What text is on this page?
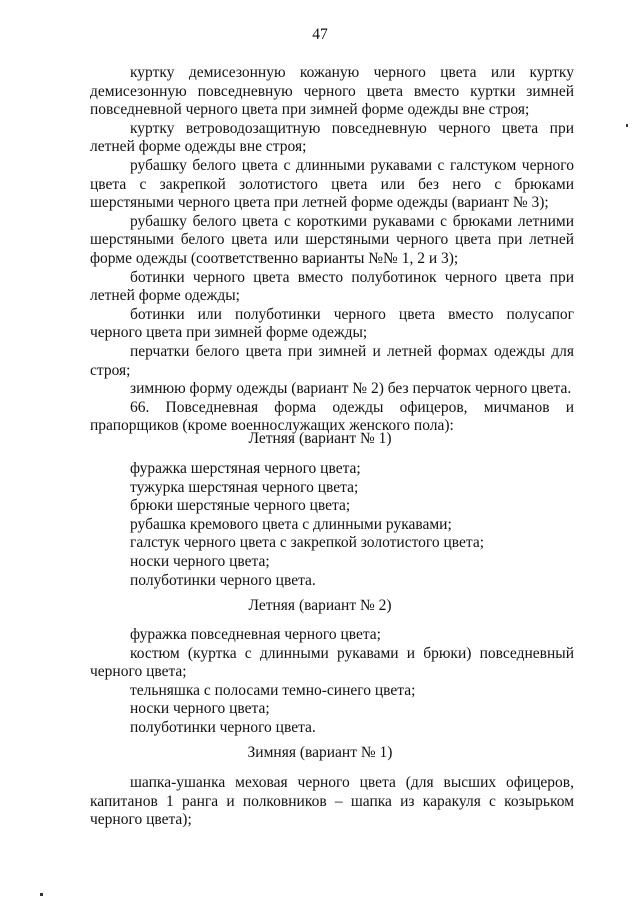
47

куртку демисезонную кожаную черного цвета или куртку демисезонную повседневную черного цвета вместо куртки зимней повседневной черного цвета при зимней форме одежды вне строя;

куртку ветроводозащитную повседневную черного цвета при летней форме одежды вне строя;

рубашку белого цвета с длинными рукавами с галстуком черного цвета с закрепкой золотистого цвета или без него с брюками шерстяными черного цвета при летней форме одежды (вариант № 3);

рубашку белого цвета с короткими рукавами с брюками летними шерстяными белого цвета или шерстяными черного цвета при летней форме одежды (соответственно варианты №№ 1, 2 и 3);

ботинки черного цвета вместо полуботинок черного цвета при летней форме одежды;

ботинки или полуботинки черного цвета вместо полусапог черного цвета при зимней форме одежды;

перчатки белого цвета при зимней и летней формах одежды для строя;

зимнюю форму одежды (вариант № 2) без перчаток черного цвета.

66. Повседневная форма одежды офицеров, мичманов и прапорщиков (кроме военнослужащих женского пола):

Летняя (вариант № 1)

фуражка шерстяная черного цвета;

тужурка шерстяная черного цвета;

брюки шерстяные черного цвета;

рубашка кремового цвета с длинными рукавами;

галстук черного цвета с закрепкой золотистого цвета;

носки черного цвета;

полуботинки черного цвета.

Летняя (вариант № 2)

фуражка повседневная черного цвета;

костюм (куртка с длинными рукавами и брюки) повседневный черного цвета;

тельняшка с полосами темно-синего цвета;

носки черного цвета;

полуботинки черного цвета.

Зимняя (вариант № 1)

шапка-ушанка меховая черного цвета (для высших офицеров, капитанов 1 ранга и полковников – шапка из каракуля с козырьком черного цвета);
